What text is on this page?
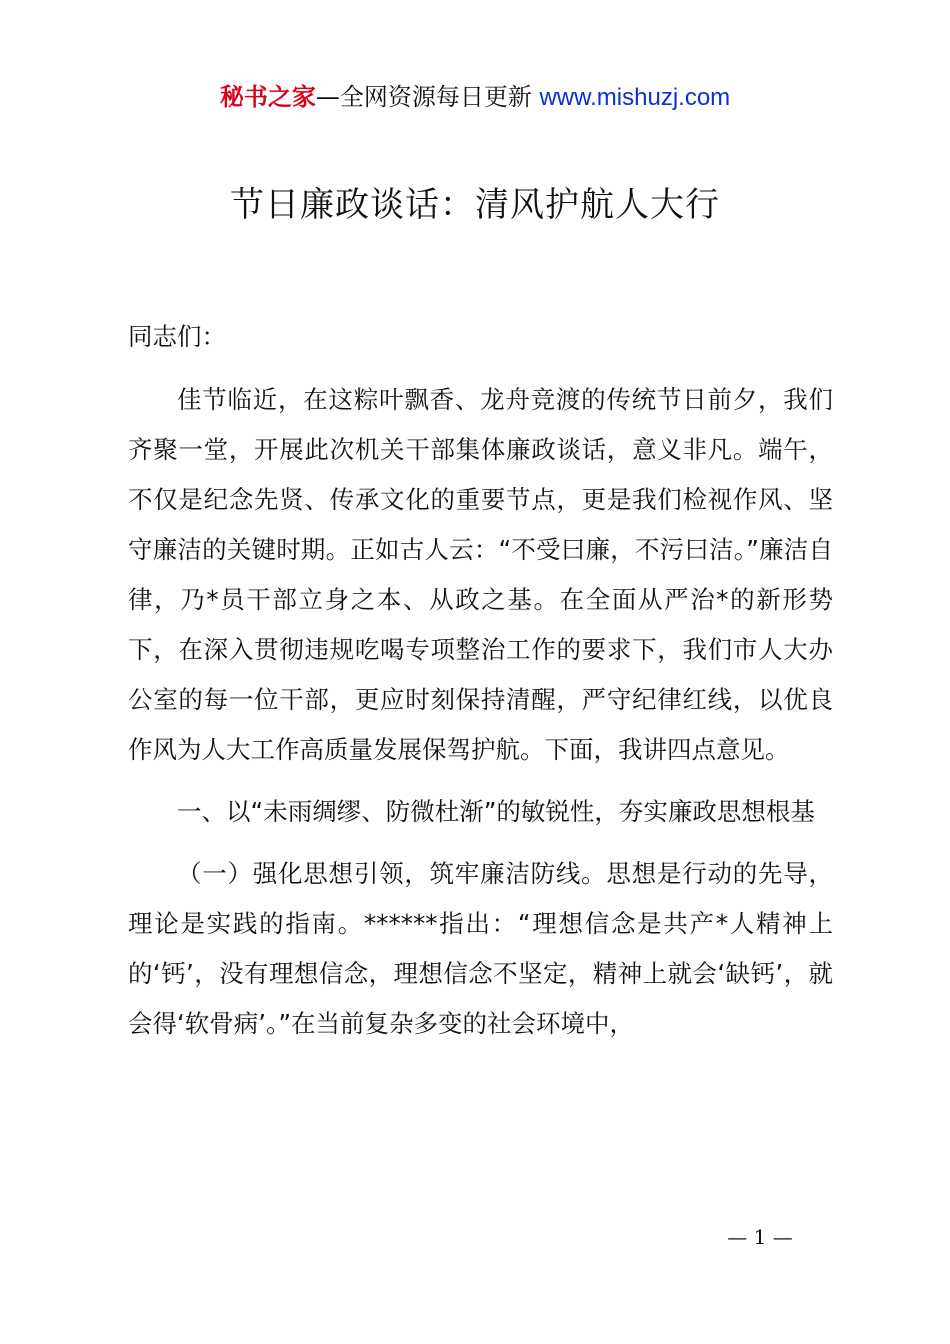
秘书之家—全网资源每日更新 www.mishuzj.com
节日廉政谈话：清风护航人大行

同志们：

佳节临近，在这粽叶飘香、龙舟竞渡的传统节日前夕，我们齐聚一堂，开展此次机关干部集体廉政谈话，意义非凡。端午，不仅是纪念先贤、传承文化的重要节点，更是我们检视作风、坚守廉洁的关键时期。正如古人云：“不受曰廉，不污曰洁。”廉洁自律，乃*员干部立身之本、从政之基。在全面从严治*的新形势下，在深入贯彻违规吃喝专项整治工作的要求下，我们市人大办公室的每一位干部，更应时刻保持清醒，严守纪律红线，以优良作风为人大工作高质量发展保驾护航。下面，我讲四点意见。

一、以“未雨绸缪、防微杜渐”的敏锐性，夯实廉政思想根基

（一）强化思想引领，筑牢廉洁防线。思想是行动的先导，理论是实践的指南。******指出：“理想信念是共产*人精神上的‘钙’，没有理想信念，理想信念不坚定，精神上就会‘缺钙’，就会得‘软骨病’。”在当前复杂多变的社会环境中，

— 1 —
